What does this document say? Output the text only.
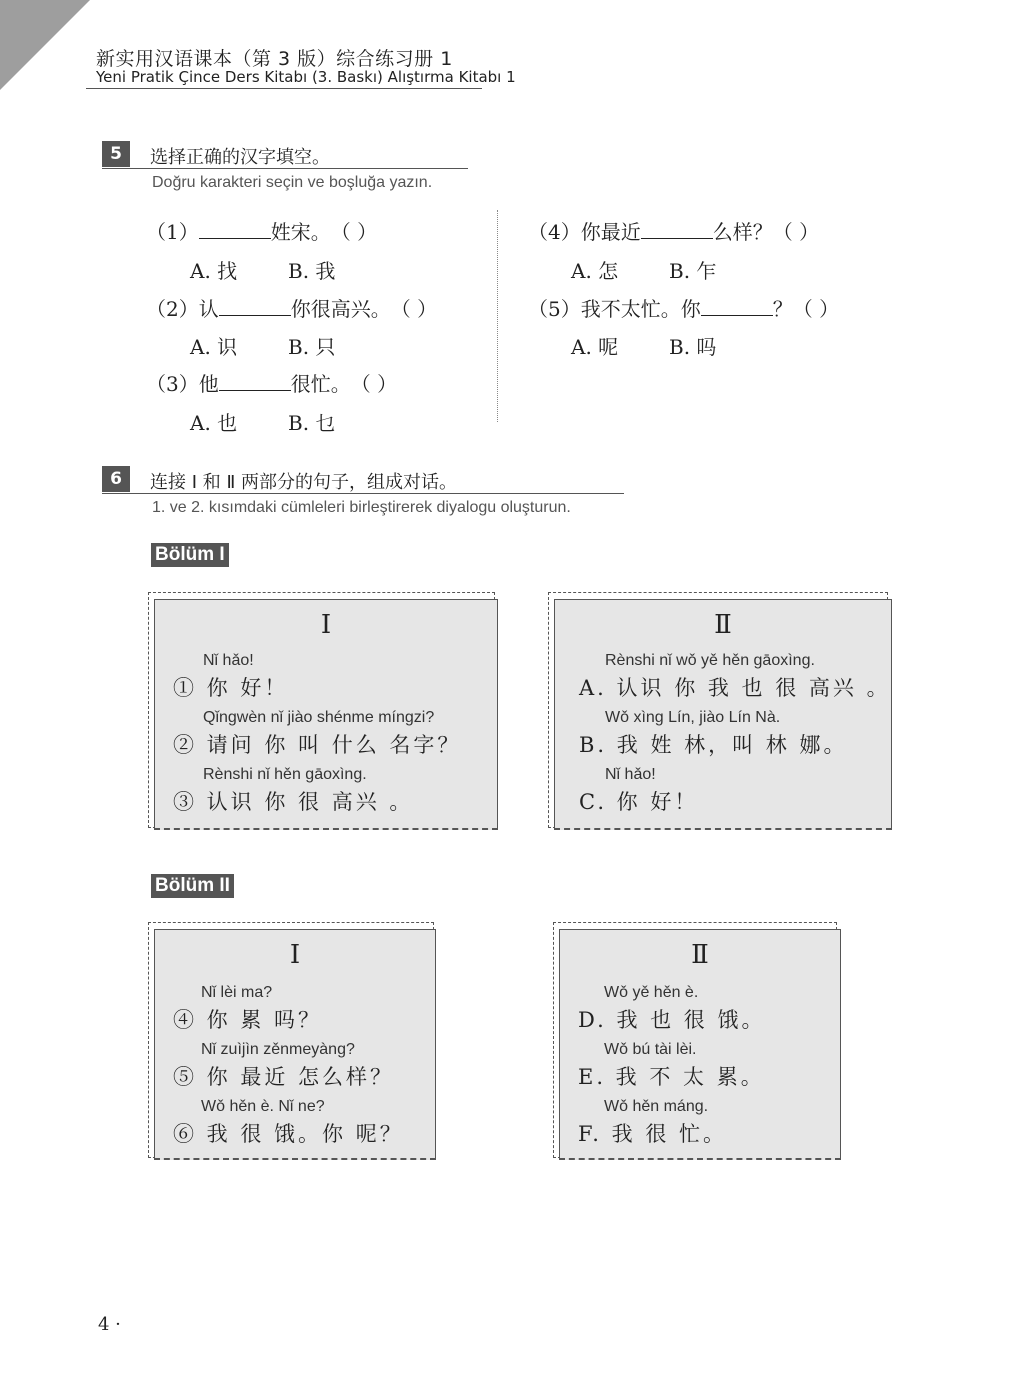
新实用汉语课本（第 3 版）综合练习册 1
Yeni Pratik Çince Ders Kitabı (3. Baskı) Alıştırma Kitabı 1
5	选择正确的汉字填空。
Doğru karakteri seçin ve boşluğa yazın.
（1）	姓宋。（ ）
A. 找	B. 我
（2）认	你很高兴。（ ）
A. 识	B. 只
（3）他	很忙。（ ）
A. 也	B. 乜
（4）你最近	么样？（ ）
A. 怎	B. 乍
（5）我不太忙。你	？（ ）
A. 呢	B. 吗
6	连接 Ⅰ 和 Ⅱ 两部分的句子，组成对话。
1. ve 2. kısımdaki cümleleri birleştirerek diyalogu oluşturun.
Bölüm I
Ⅰ
Nǐ hǎo!
① 你 好！
Qǐngwèn nǐ jiào shénme míngzi?
② 请问 你 叫 什么 名字？
Rènshi nǐ hěn gāoxìng.
③ 认识 你 很 高兴 。
Ⅱ
Rènshi nǐ wǒ yě hěn gāoxìng.
A. 认识 你 我 也 很 高兴 。
Wǒ xìng Lín, jiào Lín Nà.
B. 我 姓 林，叫 林 娜。
Nǐ hǎo!
C. 你 好！
Bölüm II
Ⅰ
Nǐ lèi ma?
④ 你 累 吗？
Nǐ zuìjìn zěnmeyàng?
⑤ 你 最近 怎么样？
Wǒ hěn è. Nǐ ne?
⑥ 我 很 饿。你 呢？
Ⅱ
Wǒ yě hěn è.
D. 我 也 很 饿。
Wǒ bú tài lèi.
E. 我 不 太 累。
Wǒ hěn máng.
F. 我 很 忙。
4 ·
